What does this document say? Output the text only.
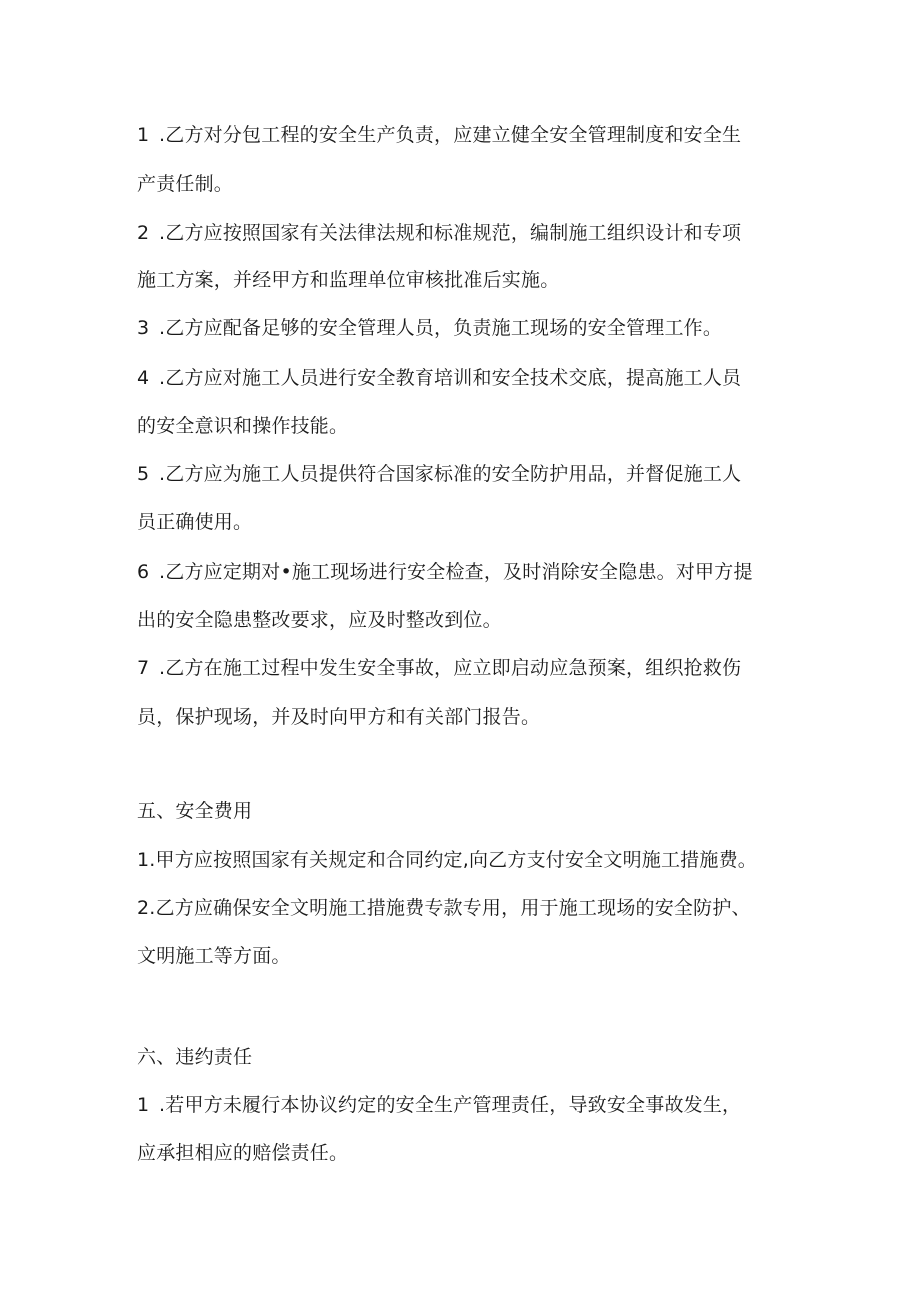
1 .乙方对分包工程的安全生产负责，应建立健全安全管理制度和安全生
产责任制。
2 .乙方应按照国家有关法律法规和标准规范，编制施工组织设计和专项
施工方案，并经甲方和监理单位审核批准后实施。
3 .乙方应配备足够的安全管理人员，负责施工现场的安全管理工作。
4 .乙方应对施工人员进行安全教育培训和安全技术交底，提高施工人员
的安全意识和操作技能。
5 .乙方应为施工人员提供符合国家标准的安全防护用品，并督促施工人
员正确使用。
6 .乙方应定期对•施工现场进行安全检查，及时消除安全隐患。对甲方提
出的安全隐患整改要求，应及时整改到位。
7 .乙方在施工过程中发生安全事故，应立即启动应急预案，组织抢救伤
员，保护现场，并及时向甲方和有关部门报告。
五、安全费用
1.甲方应按照国家有关规定和合同约定,向乙方支付安全文明施工措施费。
2.乙方应确保安全文明施工措施费专款专用，用于施工现场的安全防护、
文明施工等方面。
六、违约责任
1 .若甲方未履行本协议约定的安全生产管理责任，导致安全事故发生，
应承担相应的赔偿责任。
